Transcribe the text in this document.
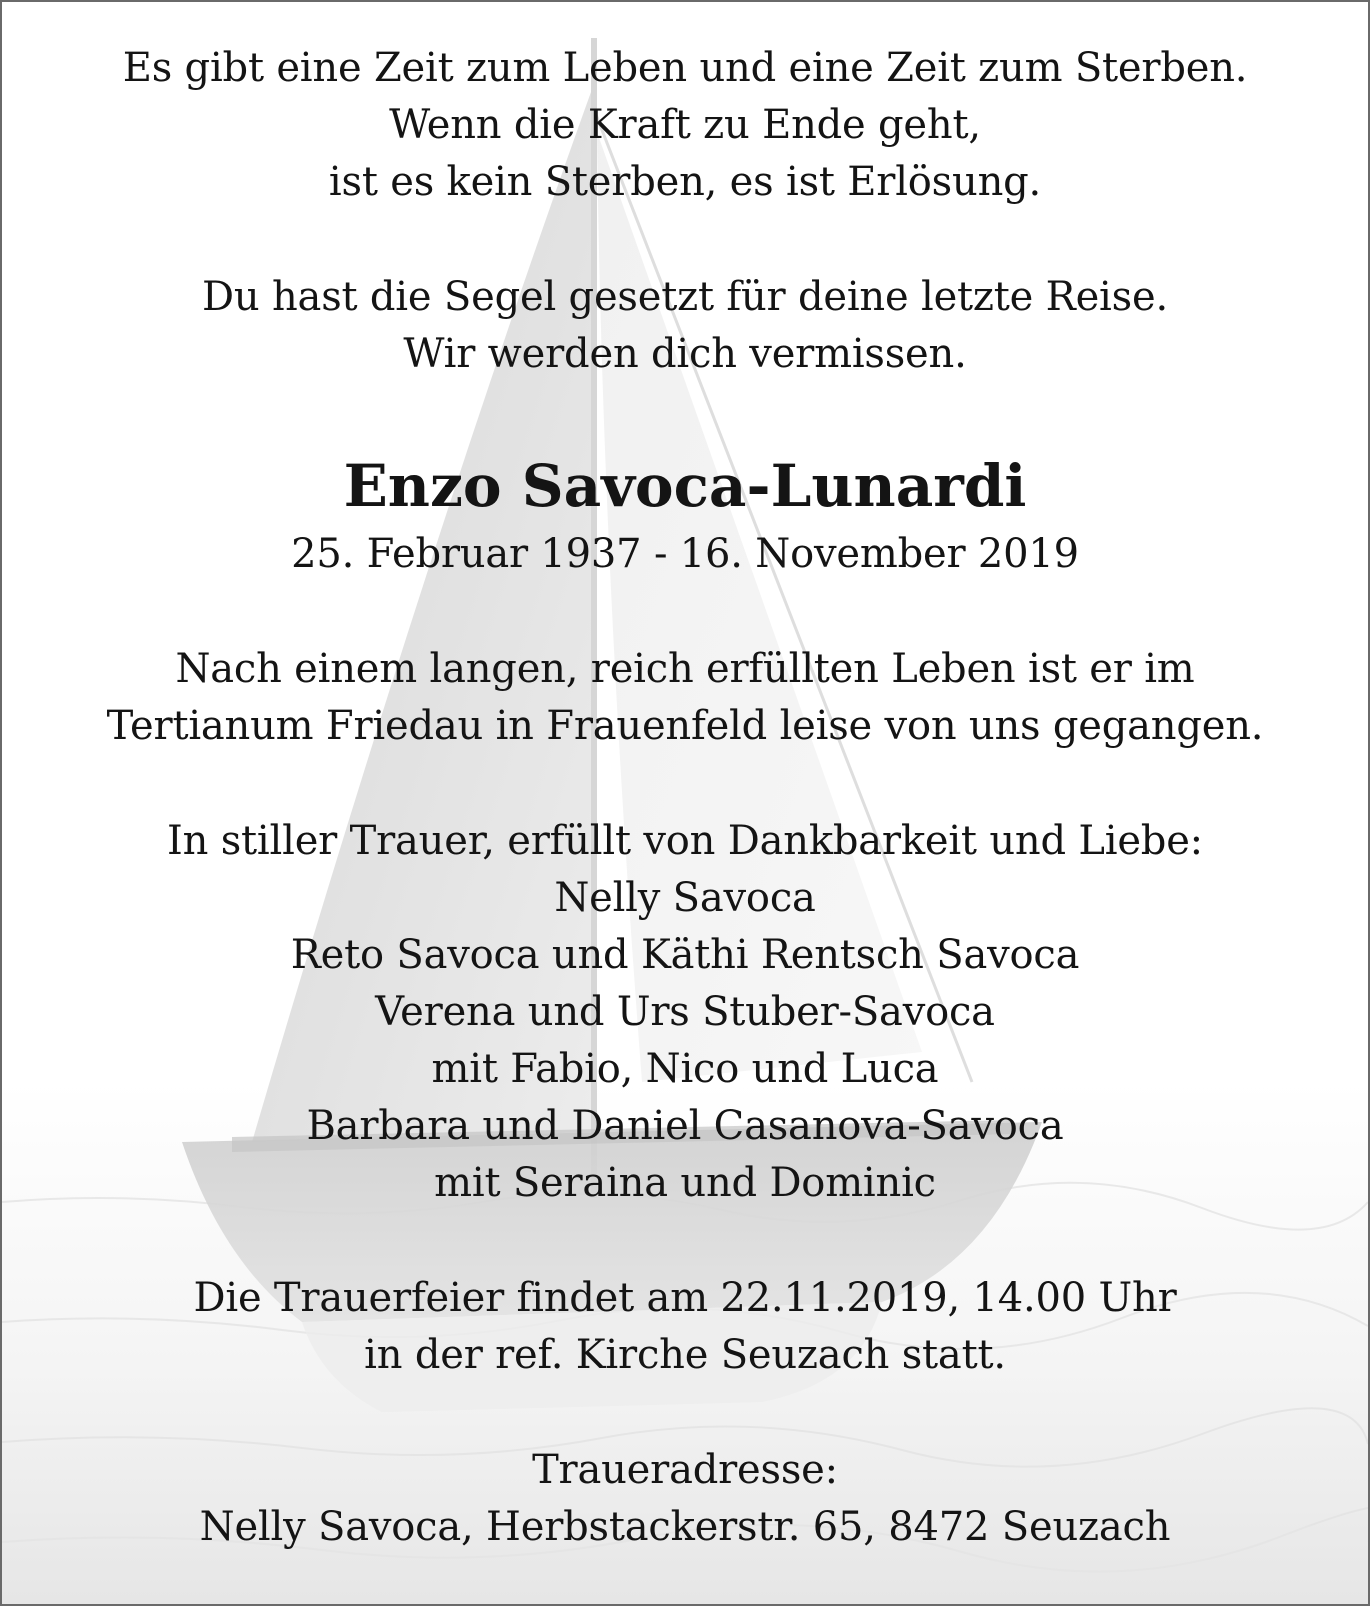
Es gibt eine Zeit zum Leben und eine Zeit zum Sterben.
Wenn die Kraft zu Ende geht,
ist es kein Sterben, es ist Erlösung.
Du hast die Segel gesetzt für deine letzte Reise.
Wir werden dich vermissen.
Enzo Savoca-Lunardi
25. Februar 1937 - 16. November 2019
Nach einem langen, reich erfüllten Leben ist er im
Tertianum Friedau in Frauenfeld leise von uns gegangen.
In stiller Trauer, erfüllt von Dankbarkeit und Liebe:
Nelly Savoca
Reto Savoca und Käthi Rentsch Savoca
Verena und Urs Stuber-Savoca
mit Fabio, Nico und Luca
Barbara und Daniel Casanova-Savoca
mit Seraina und Dominic
Die Trauerfeier findet am 22.11.2019, 14.00 Uhr
in der ref. Kirche Seuzach statt.
Traueradresse:
Nelly Savoca, Herbstackerstr. 65, 8472 Seuzach
